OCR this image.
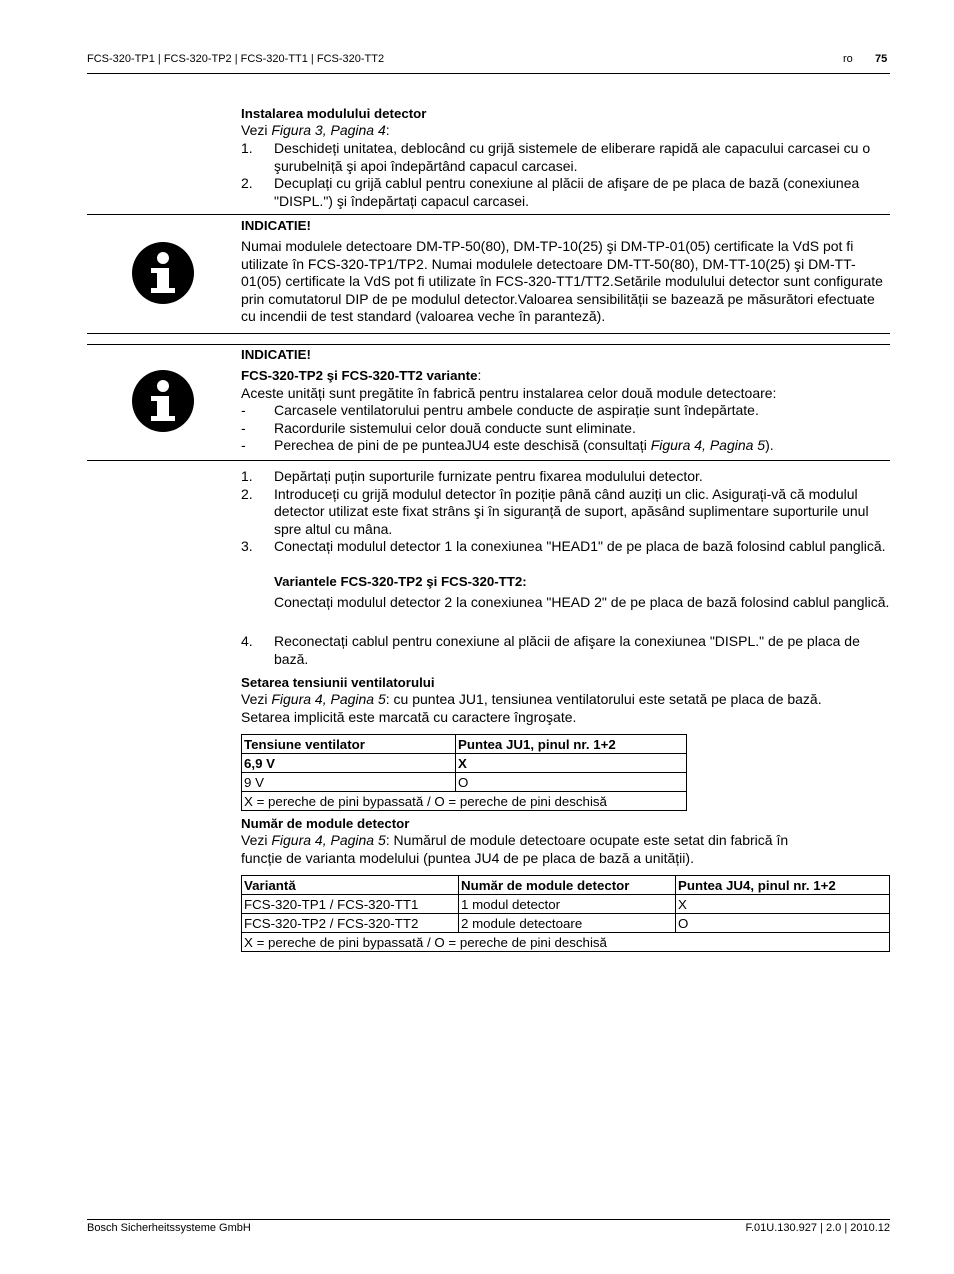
FCS-320-TP1 | FCS-320-TP2 | FCS-320-TT1 | FCS-320-TT2	ro 75
Instalarea modulului detector
Vezi Figura 3, Pagina 4:
1. Deschideți unitatea, deblocând cu grijă sistemele de eliberare rapidă ale capacului carcasei cu o şurubelniță şi apoi îndepărtând capacul carcasei.
2. Decuplați cu grijă cablul pentru conexiune al plăcii de afişare de pe placa de bază (conexiunea "DISPL.") şi îndepărtați capacul carcasei.
INDICATIE!
Numai modulele detectoare DM-TP-50(80), DM-TP-10(25) şi DM-TP-01(05) certificate la VdS pot fi utilizate în FCS-320-TP1/TP2. Numai modulele detectoare DM-TT-50(80), DM-TT-10(25) şi DM-TT-01(05) certificate la VdS pot fi utilizate în FCS-320-TT1/TT2.Setările modulului detector sunt configurate prin comutatorul DIP de pe modulul detector.Valoarea sensibilității se bazează pe măsurători efectuate cu incendii de test standard (valoarea veche în paranteză).
INDICATIE!
FCS-320-TP2 şi FCS-320-TT2 variante:
Aceste unități sunt pregătite în fabrică pentru instalarea celor două module detectoare:
- Carcasele ventilatorului pentru ambele conducte de aspirație sunt îndepărtate.
- Racordurile sistemului celor două conducte sunt eliminate.
- Perechea de pini de pe punteaJU4 este deschisă (consultați Figura 4, Pagina 5).
1. Depărtați puțin suporturile furnizate pentru fixarea modulului detector.
2. Introduceți cu grijă modulul detector în poziție până când auziți un clic. Asigurați-vă că modulul detector utilizat este fixat strâns şi în siguranță de suport, apăsând suplimentare suporturile unul spre altul cu mâna.
3. Conectați modulul detector 1 la conexiunea "HEAD1" de pe placa de bază folosind cablul panglică.
Variantele FCS-320-TP2 şi FCS-320-TT2:
Conectați modulul detector 2 la conexiunea "HEAD 2" de pe placa de bază folosind cablul panglică.
4. Reconectați cablul pentru conexiune al plăcii de afişare la conexiunea "DISPL." de pe placa de bază.
Setarea tensiunii ventilatorului
Vezi Figura 4, Pagina 5: cu puntea JU1, tensiunea ventilatorului este setată pe placa de bază.
Setarea implicită este marcată cu caractere îngroşate.
Tensiune ventilator	Puntea JU1, pinul nr. 1+2
6,9 V	X
9 V	O
X = pereche de pini bypassată / O = pereche de pini deschisă	
Număr de module detector
Vezi Figura 4, Pagina 5: Numărul de module detectoare ocupate este setat din fabrică în
funcție de varianta modelului (puntea JU4 de pe placa de bază a unității).
Variantă	Număr de module detector	Puntea JU4, pinul nr. 1+2
FCS-320-TP1 / FCS-320-TT1	1 modul detector	X
FCS-320-TP2 / FCS-320-TT2	2 module detectoare	O
X = pereche de pini bypassată / O = pereche de pini deschisă		
Bosch Sicherheitssysteme GmbH	F.01U.130.927 | 2.0 | 2010.12
